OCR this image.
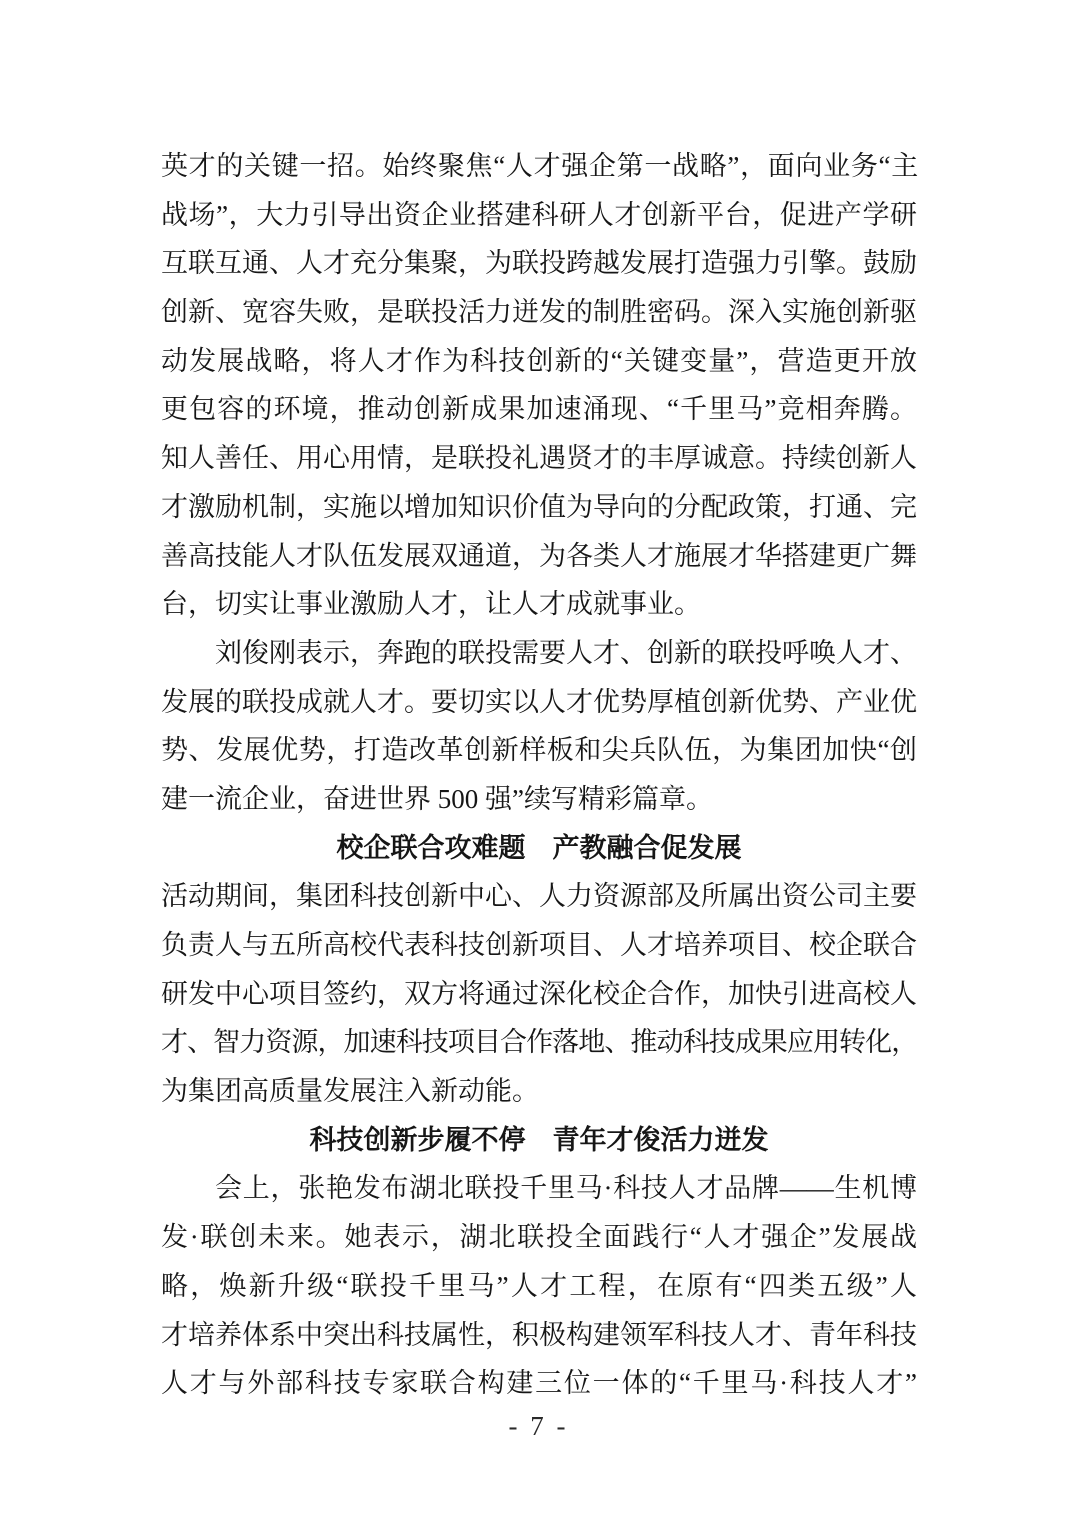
英才的关键一招。始终聚焦“人才强企第一战略”，面向业务“主
战场”，大力引导出资企业搭建科研人才创新平台，促进产学研
互联互通、人才充分集聚，为联投跨越发展打造强力引擎。鼓励
创新、宽容失败，是联投活力迸发的制胜密码。深入实施创新驱
动发展战略，将人才作为科技创新的“关键变量”，营造更开放
更包容的环境，推动创新成果加速涌现、“千里马”竞相奔腾。
知人善任、用心用情，是联投礼遇贤才的丰厚诚意。持续创新人
才激励机制，实施以增加知识价值为导向的分配政策，打通、完
善高技能人才队伍发展双通道，为各类人才施展才华搭建更广舞
台，切实让事业激励人才，让人才成就事业。
刘俊刚表示，奔跑的联投需要人才、创新的联投呼唤人才、
发展的联投成就人才。要切实以人才优势厚植创新优势、产业优
势、发展优势，打造改革创新样板和尖兵队伍，为集团加快“创
建一流企业，奋进世界 500 强”续写精彩篇章。
校企联合攻难题　产教融合促发展
活动期间，集团科技创新中心、人力资源部及所属出资公司主要
负责人与五所高校代表科技创新项目、人才培养项目、校企联合
研发中心项目签约，双方将通过深化校企合作，加快引进高校人
才、智力资源，加速科技项目合作落地、推动科技成果应用转化，
为集团高质量发展注入新动能。
科技创新步履不停　青年才俊活力迸发
会上，张艳发布湖北联投千里马·科技人才品牌——生机博
发·联创未来。她表示，湖北联投全面践行“人才强企”发展战
略，焕新升级“联投千里马”人才工程，在原有“四类五级”人
才培养体系中突出科技属性，积极构建领军科技人才、青年科技
人才与外部科技专家联合构建三位一体的“千里马·科技人才”
- 7 -
